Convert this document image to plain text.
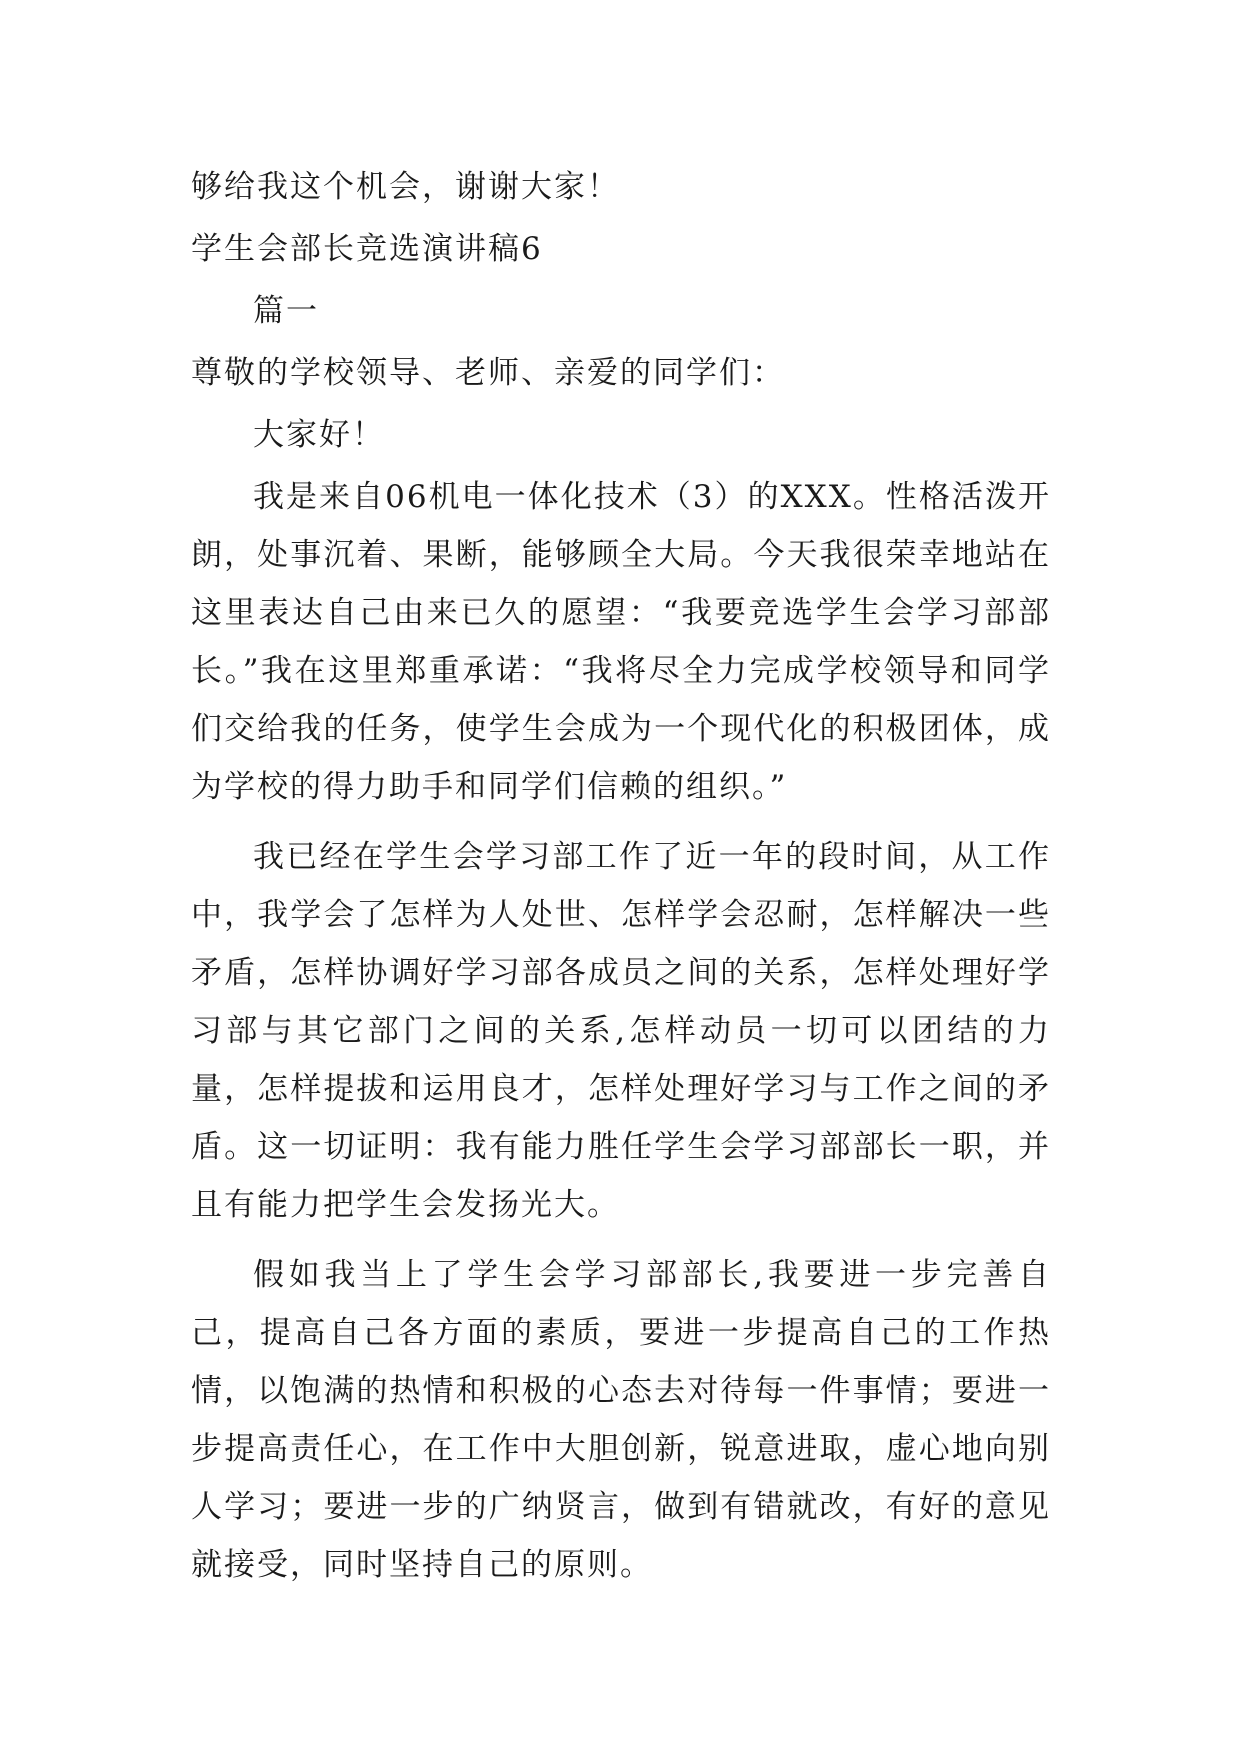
够给我这个机会，谢谢大家！
学生会部长竞选演讲稿6
篇一
尊敬的学校领导、老师、亲爱的同学们：
大家好！

我是来自06机电一体化技术（3）的XXX。性格活泼开朗，处事沉着、果断，能够顾全大局。今天我很荣幸地站在这里表达自己由来已久的愿望：“我要竞选学生会学习部部长。”我在这里郑重承诺：“我将尽全力完成学校领导和同学们交给我的任务，使学生会成为一个现代化的积极团体，成为学校的得力助手和同学们信赖的组织。”

我已经在学生会学习部工作了近一年的段时间，从工作中，我学会了怎样为人处世、怎样学会忍耐，怎样解决一些矛盾，怎样协调好学习部各成员之间的关系，怎样处理好学习部与其它部门之间的关系,怎样动员一切可以团结的力量，怎样提拔和运用良才，怎样处理好学习与工作之间的矛盾。这一切证明：我有能力胜任学生会学习部部长一职，并且有能力把学生会发扬光大。

假如我当上了学生会学习部部长,我要进一步完善自己，提高自己各方面的素质，要进一步提高自己的工作热情，以饱满的热情和积极的心态去对待每一件事情；要进一步提高责任心，在工作中大胆创新，锐意进取，虚心地向别人学习；要进一步的广纳贤言，做到有错就改，有好的意见就接受，同时坚持自己的原则。
